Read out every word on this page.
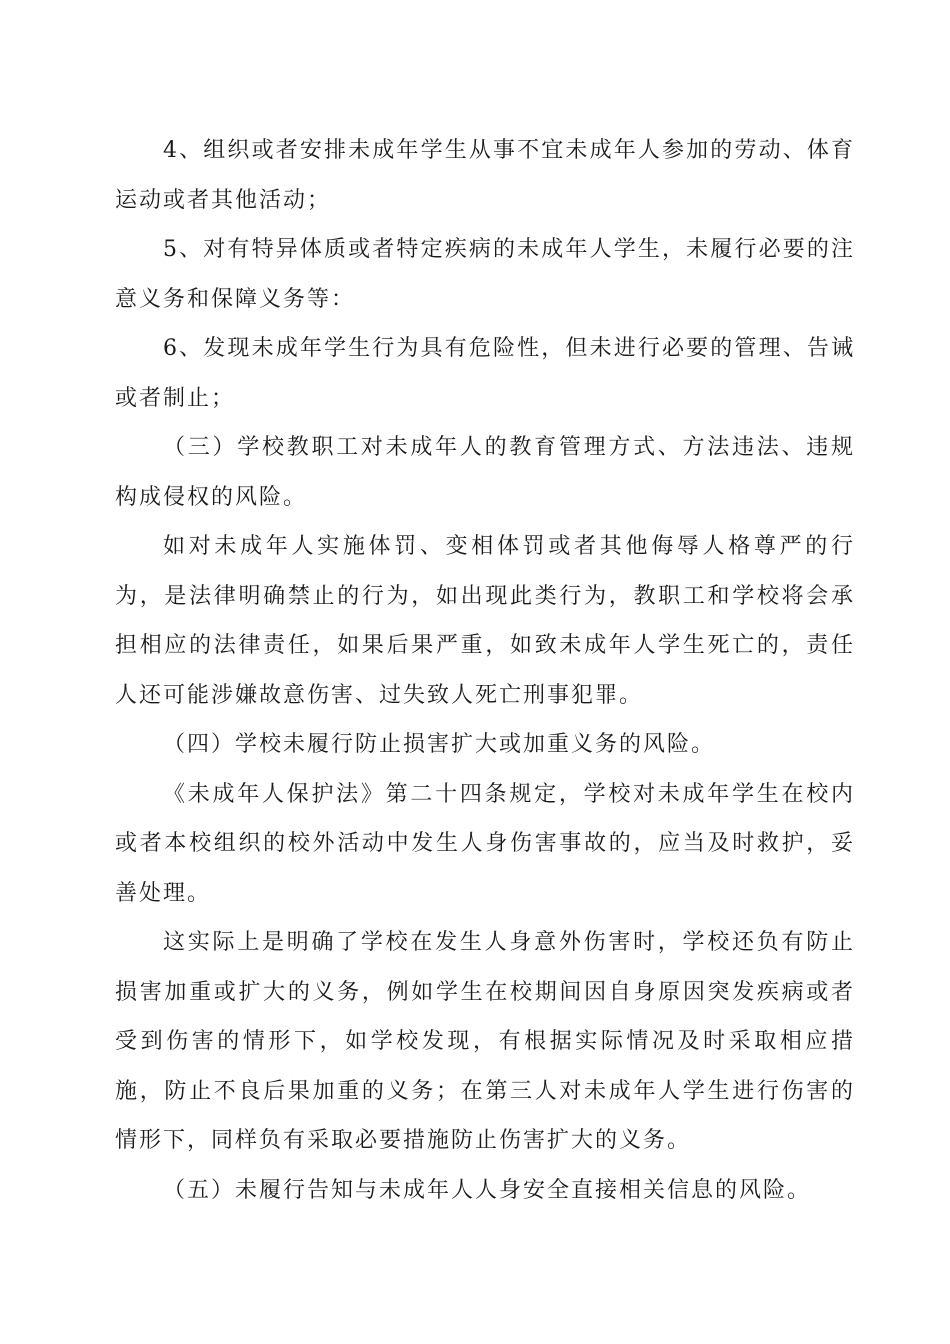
4、组织或者安排未成年学生从事不宜未成年人参加的劳动、体育运动或者其他活动；

5、对有特异体质或者特定疾病的未成年人学生，未履行必要的注意义务和保障义务等：

6、发现未成年学生行为具有危险性，但未进行必要的管理、告诫或者制止；

（三）学校教职工对未成年人的教育管理方式、方法违法、违规构成侵权的风险。

如对未成年人实施体罚、变相体罚或者其他侮辱人格尊严的行为，是法律明确禁止的行为，如出现此类行为，教职工和学校将会承担相应的法律责任，如果后果严重，如致未成年人学生死亡的，责任人还可能涉嫌故意伤害、过失致人死亡刑事犯罪。

（四）学校未履行防止损害扩大或加重义务的风险。

《未成年人保护法》第二十四条规定，学校对未成年学生在校内或者本校组织的校外活动中发生人身伤害事故的，应当及时救护，妥善处理。

这实际上是明确了学校在发生人身意外伤害时，学校还负有防止损害加重或扩大的义务，例如学生在校期间因自身原因突发疾病或者受到伤害的情形下，如学校发现，有根据实际情况及时采取相应措施，防止不良后果加重的义务；在第三人对未成年人学生进行伤害的情形下，同样负有采取必要措施防止伤害扩大的义务。

（五）未履行告知与未成年人人身安全直接相关信息的风险。
